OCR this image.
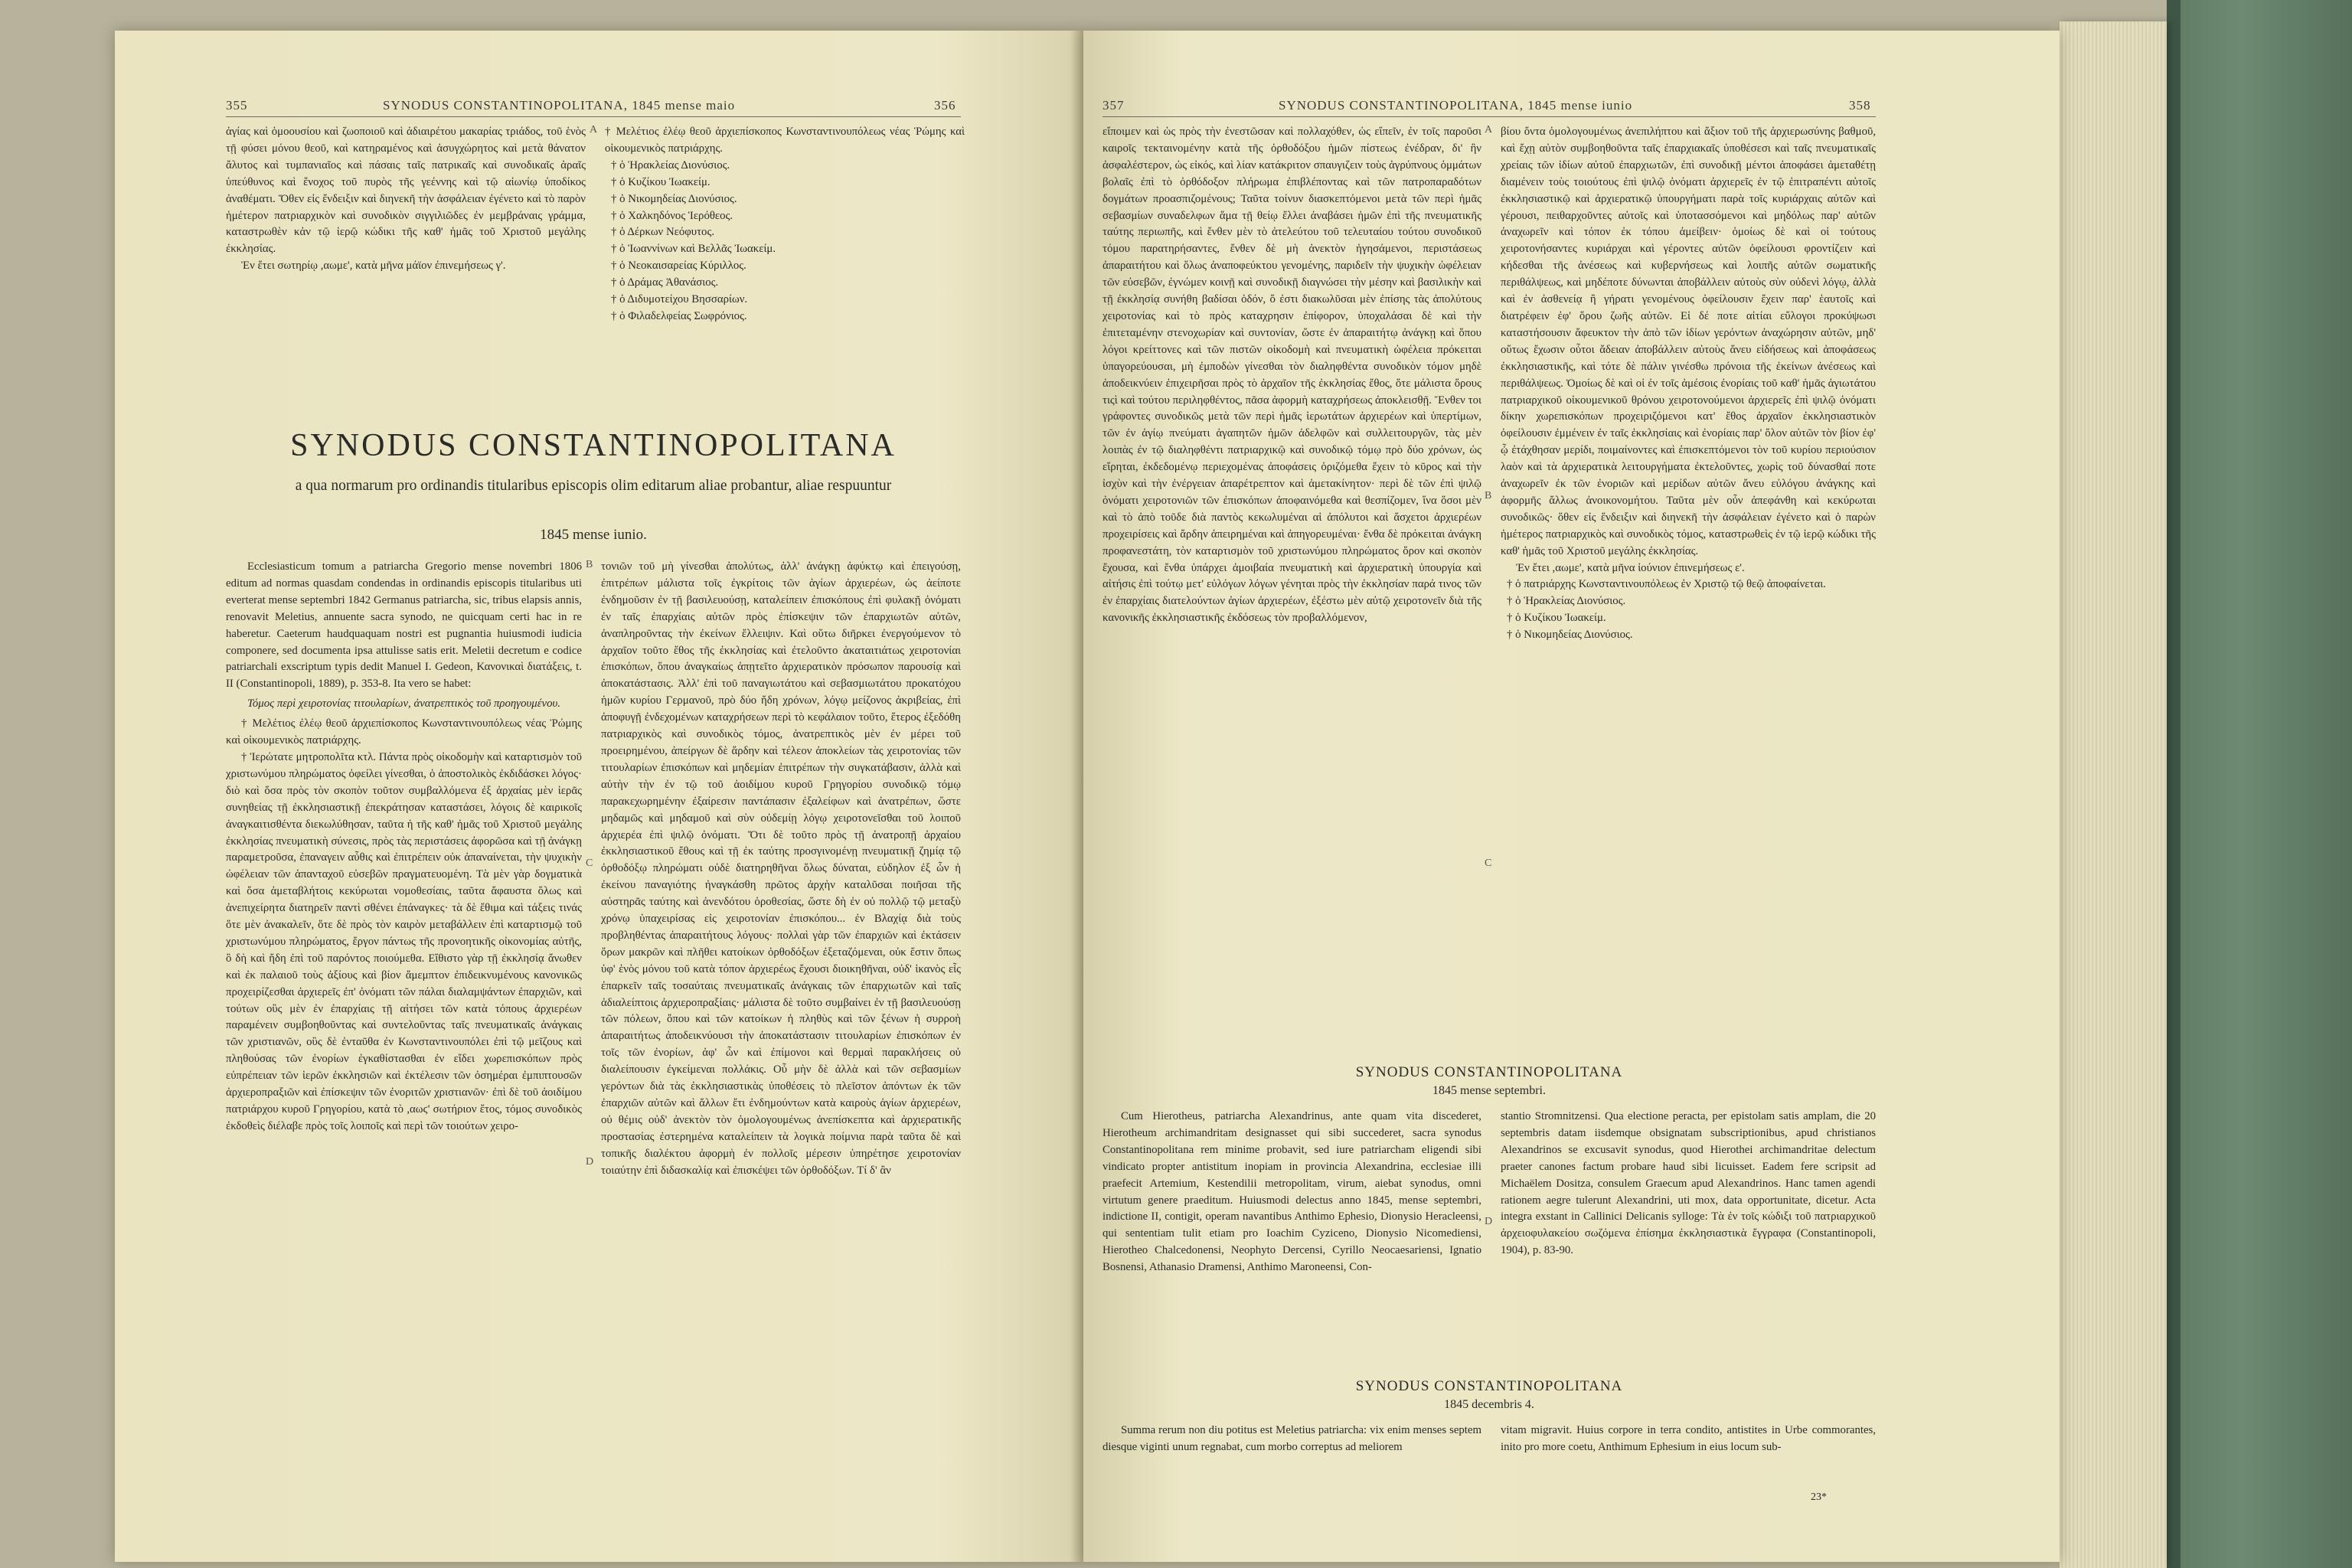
355	SYNODUS CONSTANTINOPOLITANA, 1845 mense maio	356

ἁγίας καὶ ὁμοουσίου καὶ ζωοποιοῦ καὶ ἀδιαιρέτου μακαρίας τριάδος, τοῦ ἑνὸς τῇ φύσει μόνου θεοῦ, καὶ κατηραμένος καὶ ἀσυγχώρητος καὶ μετὰ θάνατον ἄλυτος καὶ τυμπανιαῖος καὶ πάσαις ταῖς πατρικαῖς καὶ συνοδικαῖς ἀραῖς ὑπεύθυνος καὶ ἔνοχος τοῦ πυρὸς τῆς γεέννης καὶ τῷ αἰωνίῳ ὑποδίκος ἀναθέματι. Ὅθεν εἰς ἔνδειξιν καὶ διηνεκῆ τὴν ἀσφάλειαν ἐγένετο καὶ τὸ παρὸν ἡμέτερον πατριαρχικὸν καὶ συνοδικὸν σιγγιλιῶδες ἐν μεμβράναις γράμμα, καταστρωθὲν κἀν τῷ ἱερῷ κώδικι τῆς καθ' ἡμᾶς τοῦ Χριστοῦ μεγάλης ἐκκλησίας.

Ἐν ἔτει σωτηρίῳ ,αωμε', κατὰ μῆνα μάϊον ἐπινεμήσεως γ'.

A † Μελέτιος ἐλέῳ θεοῦ ἀρχιεπίσκοπος Κωνσταντινουπόλεως νέας Ῥώμης καὶ οἰκουμενικὸς πατριάρχης.

† ὁ Ἡρακλείας Διονύσιος.

† ὁ Κυζίκου Ἰωακείμ.

† ὁ Νικομηδείας Διονύσιος.

† ὁ Χαλκηδόνος Ἱερόθεος.

† ὁ Δέρκων Νεόφυτος.

† ὁ Ἰωαννίνων καὶ Βελλᾶς Ἰωακείμ.

† ὁ Νεοκαισαρείας Κύριλλος.

† ὁ Δράμας Ἀθανάσιος.

† ὁ Διδυμοτείχου Βησσαρίων.

† ὁ Φιλαδελφείας Σωφρόνιος.

SYNODUS CONSTANTINOPOLITANA
a qua normarum pro ordinandis titularibus episcopis olim editarum aliae probantur, aliae respuuntur
1845 mense iunio.

Ecclesiasticum tomum a patriarcha Gregorio mense novembri 1806 editum ad normas quasdam condendas in ordinandis episcopis titularibus uti everterat mense septembri 1842 Germanus patriarcha, sic, tribus elapsis annis, renovavit Meletius, annuente sacra synodo, ne quicquam certi hac in re haberetur. Caeterum haudquaquam nostri est pugnantia huiusmodi iudicia componere, sed documenta ipsa attulisse satis erit. Meletii decretum e codice patriarchali exscriptum typis dedit Manuel I. Gedeon, Κανονικαὶ διατάξεις, t. II (Constantinopoli, 1889), p. 353-8. Ita vero se habet:

Τόμος περὶ χειροτονίας τιτουλαρίων, ἀνατρεπτικὸς τοῦ προηγουμένου.

† Μελέτιος ἐλέῳ θεοῦ ἀρχιεπίσκοπος Κωνσταντινουπόλεως νέας Ῥώμης καὶ οἰκουμενικὸς πατριάρχης.

† Ἱερώτατε μητροπολῖτα κτλ. Πάντα πρὸς οἰκοδομὴν καὶ καταρτισμὸν τοῦ χριστωνύμου πληρώματος ὀφείλει γίνεσθαι, ὁ ἀποστολικὸς ἐκδιδάσκει λόγος· διὸ καὶ ὅσα πρὸς τὸν σκοπὸν τοῦτον συμβαλλόμενα ἐξ ἀρχαίας μὲν ἱερᾶς συνηθείας τῇ ἐκκλησιαστικῇ ἐπεκράτησαν καταστάσει, λόγοις δὲ καιρικοῖς ἀναγκαιτισθέντα διεκωλύθησαν, ταῦτα ἡ τῆς καθ' ἡμᾶς τοῦ Χριστοῦ μεγάλης ἐκκλησίας πνευματικὴ σύνεσις, πρὸς τὰς περιστάσεις ἀφορῶσα καὶ τῇ ἀνάγκῃ παραμετροῦσα, ἐπαναγειν αὖθις καὶ ἐπιτρέπειν οὐκ ἀπαναίνεται, τὴν ψυχικὴν ὠφέλειαν τῶν ἁπανταχοῦ εὐσεβῶν πραγματευομένη. Τὰ μὲν γὰρ δογματικὰ καὶ ὅσα ἀμεταβλήτοις κεκύρωται νομοθεσίαις, ταῦτα ἄφαυστα ὅλως καὶ ἀνεπιχείρητα διατηρεῖν παντὶ σθένει ἐπάναγκες· τὰ δὲ ἔθιμα καὶ τάξεις τινάς ὅτε μὲν ἀνακαλεῖν, ὅτε δὲ πρὸς τὸν καιρὸν μεταβάλλειν ἐπὶ καταρτισμῷ τοῦ χριστωνύμου πληρώματος, ἔργον πάντως τῆς προνοητικῆς οἰκονομίας αὐτῆς, ὃ δὴ καὶ ἤδη ἐπὶ τοῦ παρόντος ποιούμεθα. Εἴθιστο γὰρ τῇ ἐκκλησίᾳ ἄνωθεν καὶ ἐκ παλαιοῦ τοὺς ἀξίους καὶ βίον ἄμεμπτον ἐπιδεικνυμένους κανονικῶς προχειρίζεσθαι ἀρχιερεῖς ἐπ' ὀνόματι τῶν πάλαι διαλαμψάντων ἐπαρχιῶν, καὶ τούτων οὓς μὲν ἐν ἐπαρχίαις τῇ αἰτήσει τῶν κατὰ τόπους ἀρχιερέων παραμένειν συμβοηθοῦντας καὶ συντελοῦντας ταῖς πνευματικαῖς ἀνάγκαις τῶν χριστιανῶν, οὓς δὲ ἐνταῦθα ἐν Κωνσταντινουπόλει ἐπὶ τῷ μεῖζους καὶ πληθούσας τῶν ἐνορίων ἐγκαθίστασθαι ἐν εἴδει χωρεπισκόπων πρὸς εὐπρέπειαν τῶν ἱερῶν ἐκκλησιῶν καὶ ἐκτέλεσιν τῶν ὀσημέραι ἐμπιπτουσῶν ἀρχιεροπραξιῶν καὶ ἐπίσκεψιν τῶν ἐνοριτῶν χριστιανῶν· ἐπὶ δὲ τοῦ ἀοιδίμου πατριάρχου κυροῦ Γρηγορίου, κατὰ τὸ ,αωϛ' σωτήριον ἔτος, τόμος συνοδικὸς ἐκδοθεὶς διέλαβε πρὸς τοῖς λοιποῖς καὶ περὶ τῶν τοιούτων χειρο-

B
C
D

τονιῶν τοῦ μὴ γίνεσθαι ἀπολύτως, ἀλλ' ἀνάγκῃ ἀφύκτῳ καὶ ἐπειγούσῃ, ἐπιτρέπων μάλιστα τοῖς ἐγκρίτοις τῶν ἁγίων ἀρχιερέων, ὡς ἀείποτε ἐνδημοῦσιν ἐν τῇ βασιλευούσῃ, καταλείπειν ἐπισκόπους ἐπὶ φυλακῇ ὀνόματι ἐν ταῖς ἐπαρχίαις αὐτῶν πρὸς ἐπίσκεψιν τῶν ἐπαρχιωτῶν αὐτῶν, ἀναπληροῦντας τὴν ἐκείνων ἔλλειψιν. Καὶ οὕτω διῆρκει ἐνεργούμενον τὸ ἀρχαῖον τοῦτο ἔθος τῆς ἐκκλησίας καὶ ἐτελοῦντο ἀκαταιτιάτως χειροτονίαι ἐπισκόπων, ὅπου ἀναγκαίως ἀπῃτεῖτο ἀρχιερατικὸν πρόσωπον παρουσίᾳ καὶ ἀποκατάστασις. Ἀλλ' ἐπὶ τοῦ παναγιωτάτου καὶ σεβασμιωτάτου προκατόχου ἡμῶν κυρίου Γερμανοῦ, πρὸ δύο ἤδη χρόνων, λόγῳ μείζονος ἀκριβείας, ἐπὶ ἀποφυγῇ ἐνδεχομένων καταχρήσεων περὶ τὸ κεφάλαιον τοῦτο, ἕτερος ἐξεδόθη πατριαρχικὸς καὶ συνοδικὸς τόμος, ἀνατρεπτικὸς μὲν ἐν μέρει τοῦ προειρημένου, ἀπείργων δὲ ἄρδην καὶ τέλεον ἀποκλείων τὰς χειροτονίας τῶν τιτουλαρίων ἐπισκόπων καὶ μηδεμίαν ἐπιτρέπων τὴν συγκατάβασιν, ἀλλὰ καὶ αὐτὴν τὴν ἐν τῷ τοῦ ἀοιδίμου κυροῦ Γρηγορίου συνοδικῷ τόμῳ παρακεχωρημένην ἐξαίρεσιν παντάπασιν ἐξαλείφων καὶ ἀνατρέπων, ὥστε μηδαμῶς καὶ μηδαμοῦ καὶ σὺν οὐδεμίῃ λόγῳ χειροτονεῖσθαι τοῦ λοιποῦ ἀρχιερέα ἐπὶ ψιλῷ ὀνόματι. Ὅτι δὲ τοῦτο πρὸς τῇ ἀνατροπῇ ἀρχαίου ἐκκλησιαστικοῦ ἔθους καὶ τῇ ἐκ ταύτης προσγινομένῃ πνευματικῇ ζημίᾳ τῷ ὀρθοδόξῳ πληρώματι οὐδὲ διατηρηθῆναι ὅλως δύναται, εὐδηλον ἐξ ὧν ἡ ἐκείνου παναγιότης ἠναγκάσθη πρῶτος ἀρχὴν καταλῦσαι ποιῆσαι τῆς αὐστηρᾶς ταύτης καὶ ἀνενδότου ὁροθεσίας, ὥστε δὴ ἐν οὐ πολλῷ τῷ μεταξὺ χρόνῳ ὑπαχειρίσας εἰς χειροτονίαν ἐπισκόπου... ἐν Βλαχίᾳ διὰ τοὺς προβληθέντας ἀπαραιτήτους λόγους· πολλαὶ γὰρ τῶν ἐπαρχιῶν καὶ ἐκτάσειν ὅρων μακρῶν καὶ πλῆθει κατοίκων ὀρθοδόξων ἐξεταζόμεναι, οὐκ ἔστιν ὅπως ὑφ' ἑνὸς μόνου τοῦ κατὰ τόπον ἀρχιερέως ἔχουσι διοικηθῆναι, οὐδ' ἱκανὸς εἷς ἐπαρκεῖν ταῖς τοσαύταις πνευματικαῖς ἀνάγκαις τῶν ἐπαρχιωτῶν καὶ ταῖς ἀδιαλείπτοις ἀρχιεροπραξίαις· μάλιστα δὲ τοῦτο συμβαίνει ἐν τῇ βασιλευούσῃ τῶν πόλεων, ὅπου καὶ τῶν κατοίκων ἡ πληθὺς καὶ τῶν ξένων ἡ συρροὴ ἀπαραιτήτως ἀποδεικνύουσι τὴν ἀποκατάστασιν τιτουλαρίων ἐπισκόπων ἐν τοῖς τῶν ἐνορίων, ἀφ' ὧν καὶ ἐπίμονοι καὶ θερμαὶ παρακλήσεις οὐ διαλείπουσιν ἐγκείμεναι πολλάκις. Οὗ μὴν δὲ ἀλλὰ καὶ τῶν σεβασμίων γερόντων διὰ τὰς ἐκκλησιαστικὰς ὑποθέσεις τὸ πλεῖστον ἀπόντων ἐκ τῶν ἐπαρχιῶν αὐτῶν καὶ ἄλλων ἔτι ἐνδημούντων κατὰ καιροὺς ἁγίων ἀρχιερέων, οὐ θέμις οὐδ' ἀνεκτὸν τὸν ὁμολογουμένως ἀνεπίσκεπτα καὶ ἀρχιερατικῆς προστασίας ἐστερημένα καταλείπειν τὰ λογικὰ ποίμνια παρὰ ταῦτα δὲ καὶ τοπικῆς διαλέκτου ἀφορμὴ ἐν πολλοῖς μέρεσιν ὑπηρέτησε χειροτονίαν τοιαύτην ἐπὶ διδασκαλίᾳ καὶ ἐπισκέψει τῶν ὀρθοδόξων. Τί δ' ἂν

357	SYNODUS CONSTANTINOPOLITANA, 1845 mense iunio	358

εἴποιμεν καὶ ὡς πρὸς τὴν ἐνεστῶσαν καὶ πολλαχόθεν, ὡς εἴπεῖν, ἐν τοῖς παροῦσι καιροῖς τεκταινομένην κατὰ τῆς ὀρθοδόξου ἡμῶν πίστεως ἐνέδραν, δι' ἣν ἀσφαλέστερον, ὡς εἰκός, καὶ λίαν κατάκριτον σπαυγιζειν τοὺς ἀγρύπνους ὀμμάτων βολαῖς ἐπὶ τὸ ὀρθόδοξον πλήρωμα ἐπιβλέποντας καὶ τῶν πατροπαραδότων δογμάτων προασπιζομένους; Ταῦτα τοίνυν διασκεπτόμενοι μετὰ τῶν περὶ ἡμᾶς σεβασμίων συναδελφων ἅμα τῇ θείῳ ἔλλει ἀναβάσει ἡμῶν ἐπὶ τῆς πνευματικῆς ταύτης περιωπῆς, καὶ ἔνθεν μὲν τὸ ἀτελεύτου τοῦ τελευταίου τούτου συνοδικοῦ τόμου παρατηρήσαντες, ἔνθεν δὲ μὴ ἀνεκτὸν ἡγησάμενοι, περιστάσεως ἀπαραιτήτου καὶ ὅλως ἀναποφεύκτου γενομένης, παριδεῖν τὴν ψυχικὴν ὠφέλειαν τῶν εὐσεβῶν, ἐγνώμεν κοινῇ καὶ συνοδικῇ διαγνώσει τὴν μέσην καὶ βασιλικὴν καὶ τῇ ἐκκλησίᾳ συνήθη βαδίσαι ὁδόν, ὅ ἐστι διακωλῦσαι μὲν ἐπίσης τὰς ἀπολύτους χειροτονίας καὶ τὸ πρὸς καταχρησιν ἐπίφορον, ὑποχαλάσαι δὲ καὶ τὴν ἐπιτεταμένην στενοχωρίαν καὶ συντονίαν, ὥστε ἐν ἀπαραιτήτῳ ἀνάγκῃ καὶ ὅπου λόγοι κρείττονες καὶ τῶν πιστῶν οἰκοδομὴ καὶ πνευματικὴ ὠφέλεια πρόκειται ὑπαγορεύουσαι, μὴ ἐμποδὼν γίνεσθαι τὸν διαληφθέντα συνοδικὸν τόμον μηδὲ ἀποδεικνύειν ἐπιχειρῆσαι πρὸς τὸ ἀρχαῖον τῆς ἐκκλησίας ἔθος, ὅτε μάλιστα ὅρους τιςὶ καὶ τούτου περιληφθέντος, πᾶσα ἀφορμὴ καταχρήσεως ἀποκλεισθῇ. Ἔνθεν τοι γράφοντες συνοδικῶς μετὰ τῶν περὶ ἡμᾶς ἱερωτάτων ἀρχιερέων καὶ ὑπερτίμων, τῶν ἐν ἁγίῳ πνεύματι ἀγαπητῶν ἡμῶν ἀδελφῶν καὶ συλλειτουργῶν, τὰς μὲν λοιπὰς ἐν τῷ διαληφθέντι πατριαρχικῷ καὶ συνοδικῷ τόμῳ πρὸ δύο χρόνων, ὡς εἴρηται, ἐκδεδομένῳ περιεχομένας ἀποφάσεις ὁριζόμεθα ἔχειν τὸ κῦρος καὶ τὴν ἰσχὺν καὶ τὴν ἐνέργειαν ἀπαρέτρεπτον καὶ ἀμετακίνητον· περὶ δὲ τῶν ἐπὶ ψιλῷ ὀνόματι χειροτονιῶν τῶν ἐπισκόπων ἀποφαινόμεθα καὶ θεσπίζομεν, ἵνα ὅσοι μὲν καὶ τὸ ἀπὸ τοῦδε διὰ παντὸς κεκωλυμέναι αἱ ἀπόλυτοι καὶ ἄσχετοι ἀρχιερέων προχειρίσεις καὶ ἄρδην ἀπειρημέναι καὶ ἀπηγορευμέναι· ἔνθα δὲ πρόκειται ἀνάγκη προφανεστάτη, τὸν καταρτισμὸν τοῦ χριστωνύμου πληρώματος ὅρον καὶ σκοπὸν ἔχουσα, καὶ ἔνθα ὑπάρχει ἀμοιβαία πνευματικὴ καὶ ἀρχιερατικὴ ὑπουργία καὶ αἰτήσις ἐπὶ τούτῳ μετ' εὐλόγων λόγων γένηται πρὸς τὴν ἐκκλησίαν παρά τινος τῶν ἐν ἐπαρχίαις διατελούντων ἁγίων ἀρχιερέων, ἐξέστω μὲν αὐτῷ χειροτονεῖν διὰ τῆς κανονικῆς ἐκκλησιαστικῆς ἐκδόσεως τὸν προβαλλόμενον,

A
B
C
D

βίου ὄντα ὁμολογουμένως ἀνεπιλήπτου καὶ ἄξιον τοῦ τῆς ἀρχιερωσύνης βαθμοῦ, καὶ ἔχῃ αὐτὸν συμβοηθοῦντα ταῖς ἐπαρχιακαῖς ὑποθέσεσι καὶ ταῖς πνευματικαῖς χρείαις τῶν ἰδίων αὐτοῦ ἐπαρχιωτῶν, ἐπὶ συνοδικῇ μέντοι ἀποφάσει ἀμεταθέτῃ διαμένειν τοὺς τοιούτους ἐπὶ ψιλῷ ὀνόματι ἀρχιερεῖς ἐν τῷ ἐπιτραπέντι αὐτοῖς ἐκκλησιαστικῷ καὶ ἀρχιερατικῷ ὑπουργήματι παρὰ τοῖς κυριάρχαις αὐτῶν καὶ γέρουσι, πειθαρχοῦντες αὐτοῖς καὶ ὑποτασσόμενοι καὶ μηδόλως παρ' αὐτῶν ἀναχωρεῖν καὶ τόπον ἐκ τόπου ἀμείβειν· ὁμοίως δὲ καὶ οἱ τούτους χειροτονήσαντες κυριάρχαι καὶ γέροντες αὐτῶν ὀφείλουσι φροντίζειν καὶ κήδεσθαι τῆς ἀνέσεως καὶ κυβερνήσεως καὶ λοιπῆς αὐτῶν σωματικῆς περιθάλψεως, καὶ μηδέποτε δύνωνται ἀποβάλλειν αὐτοὺς σὺν οὐδενὶ λόγῳ, ἀλλὰ καὶ ἐν ἀσθενείᾳ ἢ γήρατι γενομένους ὀφείλουσιν ἔχειν παρ' ἑαυτοῖς καὶ διατρέφειν ἐφ' ὅρου ζωῆς αὐτῶν. Εἰ δέ ποτε αἰτίαι εὔλογοι προκύψωσι καταστήσουσιν ἄφευκτον τὴν ἀπὸ τῶν ἰδίων γερόντων ἀναχώρησιν αὐτῶν, μηδ' οὕτως ἔχωσιν οὗτοι ἄδειαν ἀποβάλλειν αὐτοὺς ἄνευ εἰδήσεως καὶ ἀποφάσεως ἐκκλησιαστικῆς, καὶ τότε δὲ πάλιν γινέσθω πρόνοια τῆς ἐκείνων ἀνέσεως καὶ περιθάλψεως. Ὁμοίως δὲ καὶ οἱ ἐν τοῖς ἀμέσοις ἐνορίαις τοῦ καθ' ἡμᾶς ἁγιωτάτου πατριαρχικοῦ οἰκουμενικοῦ θρόνου χειροτονούμενοι ἀρχιερεῖς ἐπὶ ψιλῷ ὀνόματι δίκην χωρεπισκόπων προχειριζόμενοι κατ' ἔθος ἀρχαῖον ἐκκλησιαστικὸν ὀφείλουσιν ἐμμένειν ἐν ταῖς ἐκκλησίαις καὶ ἐνορίαις παρ' ὅλον αὐτῶν τὸν βίον ἐφ' ᾧ ἐτάχθησαν μερίδι, ποιμαίνοντες καὶ ἐπισκεπτόμενοι τὸν τοῦ κυρίου περιούσιον λαὸν καὶ τὰ ἀρχιερατικὰ λειτουργήματα ἐκτελοῦντες, χωρὶς τοῦ δύνασθαί ποτε ἀναχωρεῖν ἐκ τῶν ἐνοριῶν καὶ μερίδων αὐτῶν ἄνευ εὐλόγου ἀνάγκης καὶ ἀφορμῆς ἄλλως ἀνοικονομήτου. Ταῦτα μὲν οὖν ἀπεφάνθη καὶ κεκύρωται συνοδικῶς· ὅθεν εἰς ἔνδειξιν καὶ διηνεκῆ τὴν ἀσφάλειαν ἐγένετο καὶ ὁ παρὼν ἡμέτερος πατριαρχικὸς καὶ συνοδικὸς τόμος, καταστρωθεὶς ἐν τῷ ἱερῷ κώδικι τῆς καθ' ἡμᾶς τοῦ Χριστοῦ μεγάλης ἐκκλησίας.

Ἐν ἔτει ,αωμε', κατὰ μῆνα ἰούνιον ἐπινεμήσεως ε'.

† ὁ πατριάρχης Κωνσταντινουπόλεως ἐν Χριστῷ τῷ θεῷ ἀποφαίνεται.

† ὁ Ἡρακλείας Διονύσιος.

† ὁ Κυζίκου Ἰωακείμ.

† ὁ Νικομηδείας Διονύσιος.

SYNODUS CONSTANTINOPOLITANA
1845 mense septembri.

Cum Hierotheus, patriarcha Alexandrinus, ante quam vita discederet, Hierotheum archimandritam designasset qui sibi succederet, sacra synodus Constantinopolitana rem minime probavit, sed iure patriarcham eligendi sibi vindicato propter antistitum inopiam in provincia Alexandrina, ecclesiae illi praefecit Artemium, Kestendilii metropolitam, virum, aiebat synodus, omni virtutum genere praeditum. Huiusmodi delectus anno 1845, mense septembri, indictione II, contigit, operam navantibus Anthimo Ephesio, Dionysio Heracleensi, qui sententiam tulit etiam pro Ioachim Cyziceno, Dionysio Nicomediensi, Hierotheo Chalcedonensi, Neophyto Dercensi, Cyrillo Neocaesariensi, Ignatio Bosnensi, Athanasio Dramensi, Anthimo Maroneensi, Con-

stantio Stromnitzensi. Qua electione peracta, per epistolam satis amplam, die 20 septembris datam iisdemque obsignatam subscriptionibus, apud christianos Alexandrinos se excusavit synodus, quod Hierothei archimandritae delectum praeter canones factum probare haud sibi licuisset. Eadem fere scripsit ad Michaëlem Dositza, consulem Graecum apud Alexandrinos. Hanc tamen agendi rationem aegre tulerunt Alexandrini, uti mox, data opportunitate, dicetur. Acta integra exstant in Callinici Delicanis sylloge: Τὰ ἐν τοῖς κώδιξι τοῦ πατριαρχικοῦ ἀρχειοφυλακείου σωζόμενα ἐπίσημα ἐκκλησιαστικὰ ἔγγραφα (Constantinopoli, 1904), p. 83-90.

SYNODUS CONSTANTINOPOLITANA
1845 decembris 4.

Summa rerum non diu potitus est Meletius patriarcha: vix enim menses septem diesque viginti unum regnabat, cum morbo correptus ad meliorem

vitam migravit. Huius corpore in terra condito, antistites in Urbe commorantes, inito pro more coetu, Anthimum Ephesium in eius locum sub-

23*
